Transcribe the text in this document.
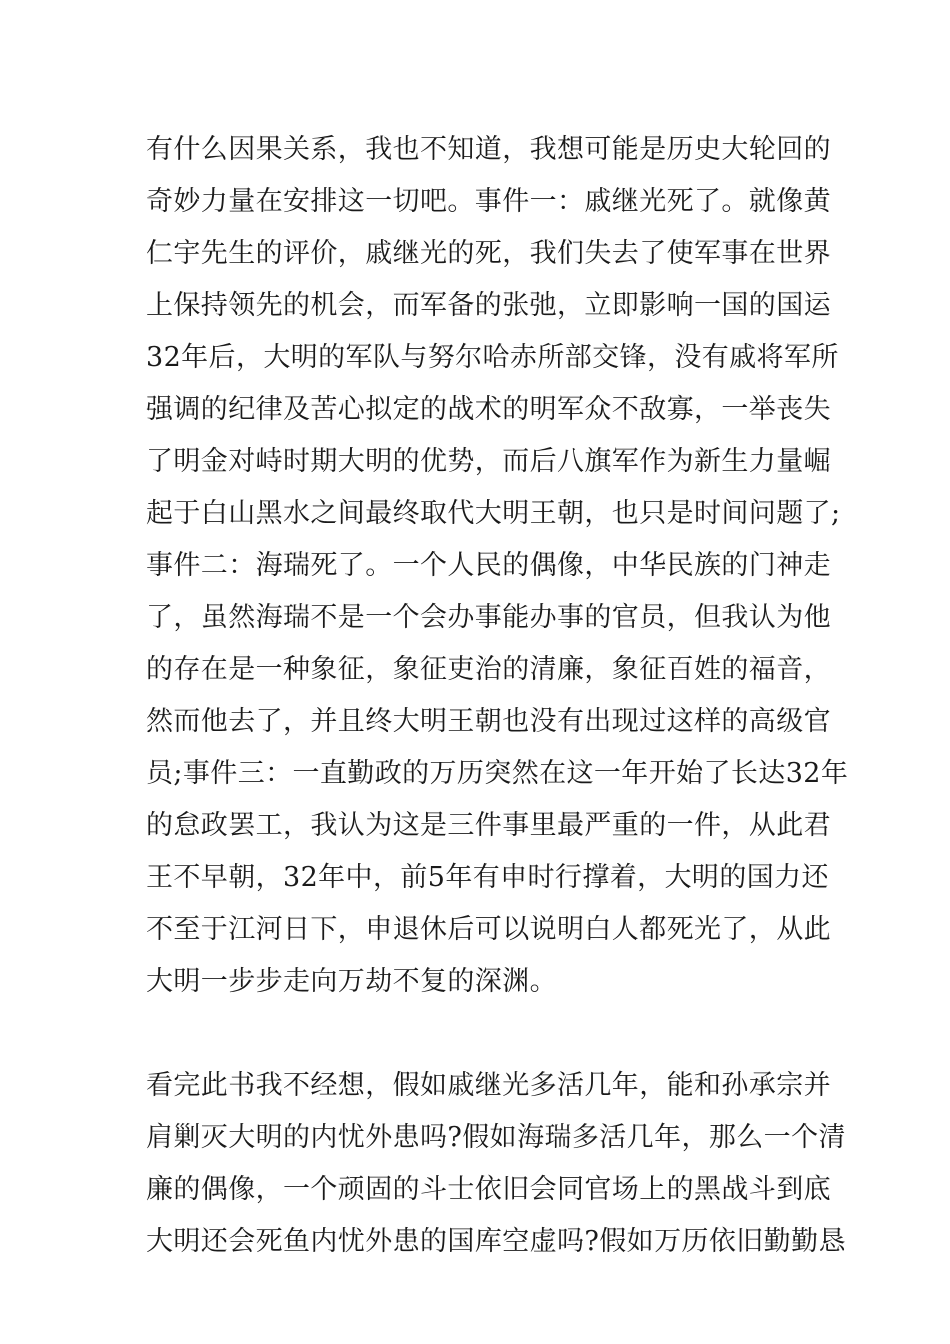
有什么因果关系，我也不知道，我想可能是历史大轮回的
奇妙力量在安排这一切吧。事件一：戚继光死了。就像黄
仁宇先生的评价，戚继光的死，我们失去了使军事在世界
上保持领先的机会，而军备的张弛，立即影响一国的国运
32年后，大明的军队与努尔哈赤所部交锋，没有戚将军所
强调的纪律及苦心拟定的战术的明军众不敌寡，一举丧失
了明金对峙时期大明的优势，而后八旗军作为新生力量崛
起于白山黑水之间最终取代大明王朝，也只是时间问题了;
事件二：海瑞死了。一个人民的偶像，中华民族的门神走
了，虽然海瑞不是一个会办事能办事的官员，但我认为他
的存在是一种象征，象征吏治的清廉，象征百姓的福音，
然而他去了，并且终大明王朝也没有出现过这样的高级官
员;事件三：一直勤政的万历突然在这一年开始了长达32年
的怠政罢工，我认为这是三件事里最严重的一件，从此君
王不早朝，32年中，前5年有申时行撑着，大明的国力还
不至于江河日下，申退休后可以说明白人都死光了，从此
大明一步步走向万劫不复的深渊。
看完此书我不经想，假如戚继光多活几年，能和孙承宗并
肩剿灭大明的内忧外患吗?假如海瑞多活几年，那么一个清
廉的偶像，一个顽固的斗士依旧会同官场上的黑战斗到底
大明还会死鱼内忧外患的国库空虚吗?假如万历依旧勤勤恳
